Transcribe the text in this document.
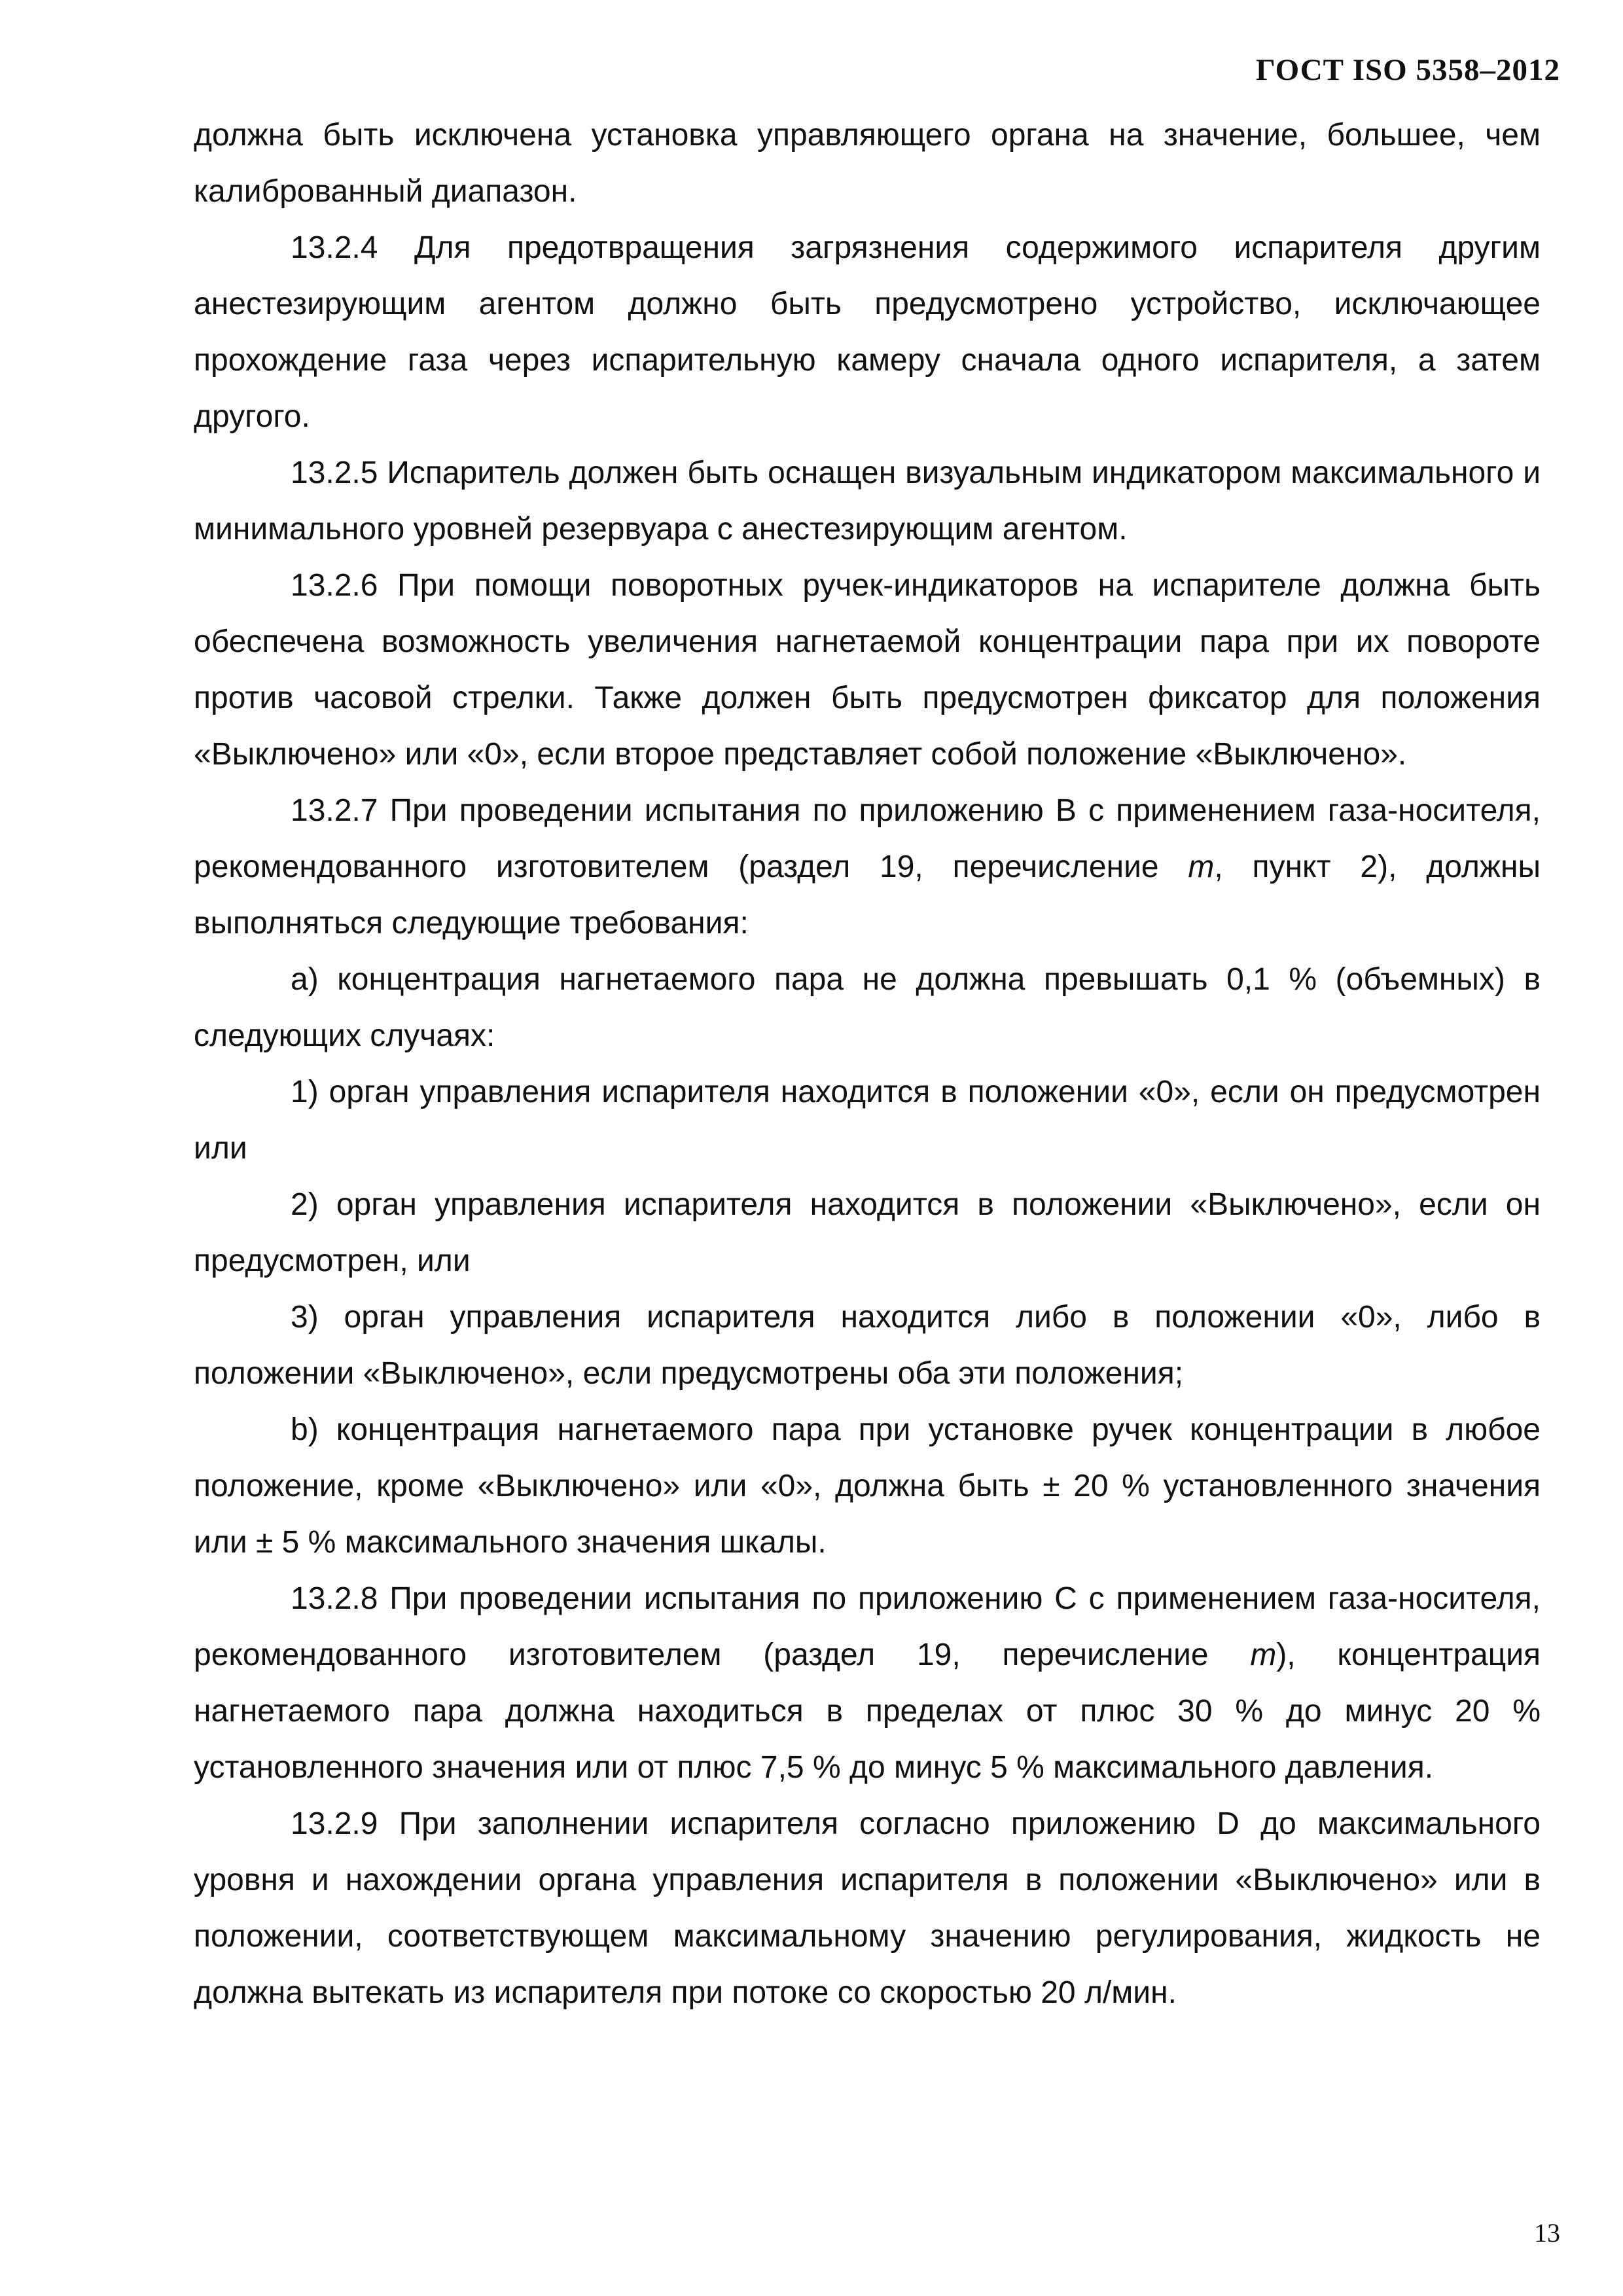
ГОСТ ISO 5358–2012

должна быть исключена установка управляющего органа на значение, большее, чем калиброванный диапазон.

13.2.4 Для предотвращения загрязнения содержимого испарителя другим анестезирующим агентом должно быть предусмотрено устройство, исключающее прохождение газа через испарительную камеру сначала одного испарителя, а затем другого.

13.2.5 Испаритель должен быть оснащен визуальным индикатором максимального и минимального уровней резервуара с анестезирующим агентом.

13.2.6 При помощи поворотных ручек-индикаторов на испарителе должна быть обеспечена возможность увеличения нагнетаемой концентрации пара при их повороте против часовой стрелки. Также должен быть предусмотрен фиксатор для положения «Выключено» или «0», если второе представляет собой положение «Выключено».

13.2.7 При проведении испытания по приложению В с применением газа-носителя, рекомендованного изготовителем (раздел 19, перечисление m, пункт 2), должны выполняться следующие требования:

a) концентрация нагнетаемого пара не должна превышать 0,1 % (объемных) в следующих случаях:

1) орган управления испарителя находится в положении «0», если он предусмотрен или

2) орган управления испарителя находится в положении «Выключено», если он предусмотрен, или

3) орган управления испарителя находится либо в положении «0», либо в положении «Выключено», если предусмотрены оба эти положения;

b) концентрация нагнетаемого пара при установке ручек концентрации в любое положение, кроме «Выключено» или «0», должна быть ± 20 % установленного значения или ± 5 % максимального значения шкалы.

13.2.8 При проведении испытания по приложению С с применением газа-носителя, рекомендованного изготовителем (раздел 19, перечисление m), концентрация нагнетаемого пара должна находиться в пределах от плюс 30 % до минус 20 % установленного значения или от плюс 7,5 % до минус 5 % максимального давления.

13.2.9 При заполнении испарителя согласно приложению D до максимального уровня и нахождении органа управления испарителя в положении «Выключено» или в положении, соответствующем максимальному значению регулирования, жидкость не должна вытекать из испарителя при потоке со скоростью 20 л/мин.

13
